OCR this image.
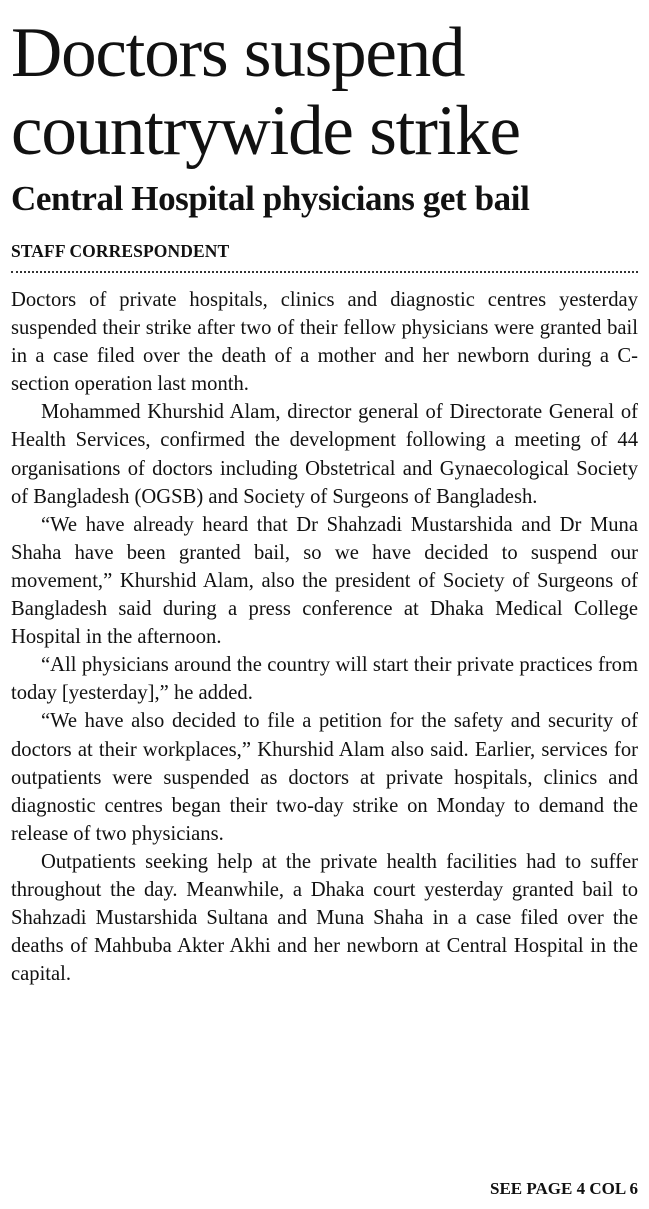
Doctors suspend countrywide strike
Central Hospital physicians get bail
STAFF CORRESPONDENT

Doctors of private hospitals, clinics and diagnostic centres yesterday suspended their strike after two of their fellow physicians were granted bail in a case filed over the death of a mother and her newborn during a C-section operation last month.

Mohammed Khurshid Alam, director general of Directorate General of Health Services, confirmed the development following a meeting of 44 organisations of doctors including Obstetrical and Gynaecological Society of Bangladesh (OGSB) and Society of Surgeons of Bangladesh.

“We have already heard that Dr Shahzadi Mustarshida and Dr Muna Shaha have been granted bail, so we have decided to suspend our movement,” Khurshid Alam, also the president of Society of Surgeons of Bangladesh said during a press conference at Dhaka Medical College Hospital in the afternoon.

“All physicians around the country will start their private practices from today [yesterday],” he added.

“We have also decided to file a petition for the safety and security of doctors at their workplaces,” Khurshid Alam also said. Earlier, services for outpatients were suspended as doctors at private hospitals, clinics and diagnostic centres began their two-day strike on Monday to demand the release of two physicians.

Outpatients seeking help at the private health facilities had to suffer throughout the day. Meanwhile, a Dhaka court yesterday granted bail to Shahzadi Mustarshida Sultana and Muna Shaha in a case filed over the deaths of Mahbuba Akter Akhi and her newborn at Central Hospital in the capital.

SEE PAGE 4 COL 6
